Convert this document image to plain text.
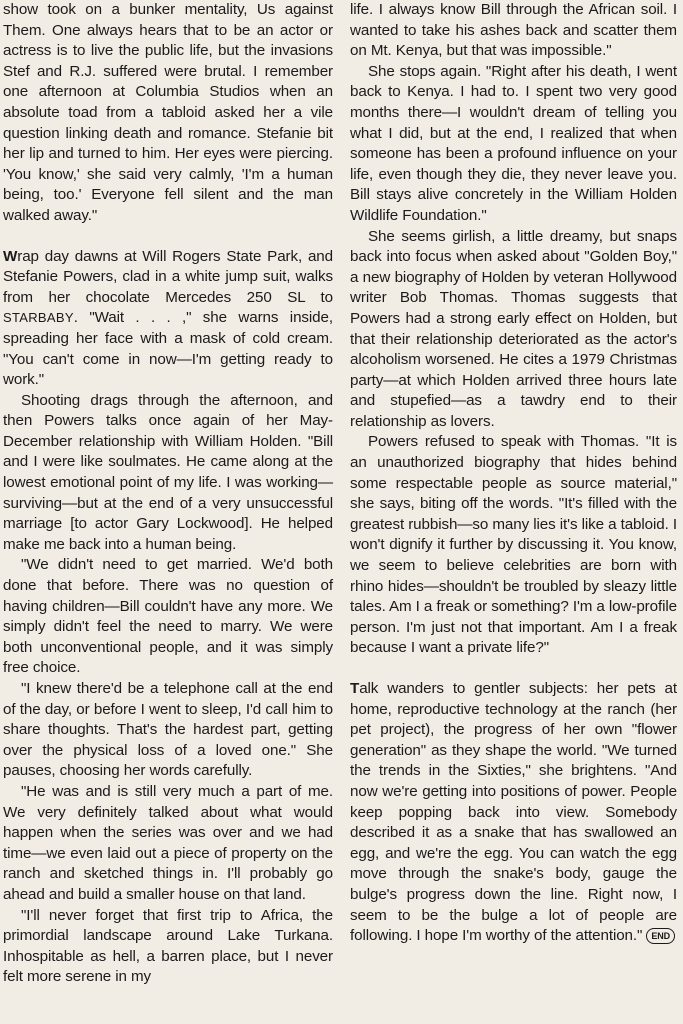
show took on a bunker mentality, Us against Them. One always hears that to be an actor or actress is to live the public life, but the invasions Stef and R.J. suffered were brutal. I remember one afternoon at Columbia Studios when an absolute toad from a tabloid asked her a vile question linking death and romance. Stefanie bit her lip and turned to him. Her eyes were piercing. 'You know,' she said very calmly, 'I'm a human being, too.' Everyone fell silent and the man walked away."

Wrap day dawns at Will Rogers State Park, and Stefanie Powers, clad in a white jump suit, walks from her chocolate Mercedes 250 SL to STARBABY. "Wait . . . ," she warns inside, spreading her face with a mask of cold cream. "You can't come in now—I'm getting ready to work."

Shooting drags through the afternoon, and then Powers talks once again of her May-December relationship with William Holden. "Bill and I were like soulmates. He came along at the lowest emotional point of my life. I was working—surviving—but at the end of a very unsuccessful marriage [to actor Gary Lockwood]. He helped make me back into a human being.

"We didn't need to get married. We'd both done that before. There was no question of having children—Bill couldn't have any more. We simply didn't feel the need to marry. We were both unconventional people, and it was simply free choice.

"I knew there'd be a telephone call at the end of the day, or before I went to sleep, I'd call him to share thoughts. That's the hardest part, getting over the physical loss of a loved one." She pauses, choosing her words carefully.

"He was and is still very much a part of me. We very definitely talked about what would happen when the series was over and we had time—we even laid out a piece of property on the ranch and sketched things in. I'll probably go ahead and build a smaller house on that land.

"I'll never forget that first trip to Africa, the primordial landscape around Lake Turkana. Inhospitable as hell, a barren place, but I never felt more serene in my

life. I always know Bill through the African soil. I wanted to take his ashes back and scatter them on Mt. Kenya, but that was impossible."

She stops again. "Right after his death, I went back to Kenya. I had to. I spent two very good months there—I wouldn't dream of telling you what I did, but at the end, I realized that when someone has been a profound influence on your life, even though they die, they never leave you. Bill stays alive concretely in the William Holden Wildlife Foundation."

She seems girlish, a little dreamy, but snaps back into focus when asked about "Golden Boy," a new biography of Holden by veteran Hollywood writer Bob Thomas. Thomas suggests that Powers had a strong early effect on Holden, but that their relationship deteriorated as the actor's alcoholism worsened. He cites a 1979 Christmas party—at which Holden arrived three hours late and stupefied—as a tawdry end to their relationship as lovers.

Powers refused to speak with Thomas. "It is an unauthorized biography that hides behind some respectable people as source material," she says, biting off the words. "It's filled with the greatest rubbish—so many lies it's like a tabloid. I won't dignify it further by discussing it. You know, we seem to believe celebrities are born with rhino hides—shouldn't be troubled by sleazy little tales. Am I a freak or something? I'm a low-profile person. I'm just not that important. Am I a freak because I want a private life?"

Talk wanders to gentler subjects: her pets at home, reproductive technology at the ranch (her pet project), the progress of her own "flower generation" as they shape the world. "We turned the trends in the Sixties," she brightens. "And now we're getting into positions of power. People keep popping back into view. Somebody described it as a snake that has swallowed an egg, and we're the egg. You can watch the egg move through the snake's body, gauge the bulge's progress down the line. Right now, I seem to be the bulge a lot of people are following. I hope I'm worthy of the attention." END
